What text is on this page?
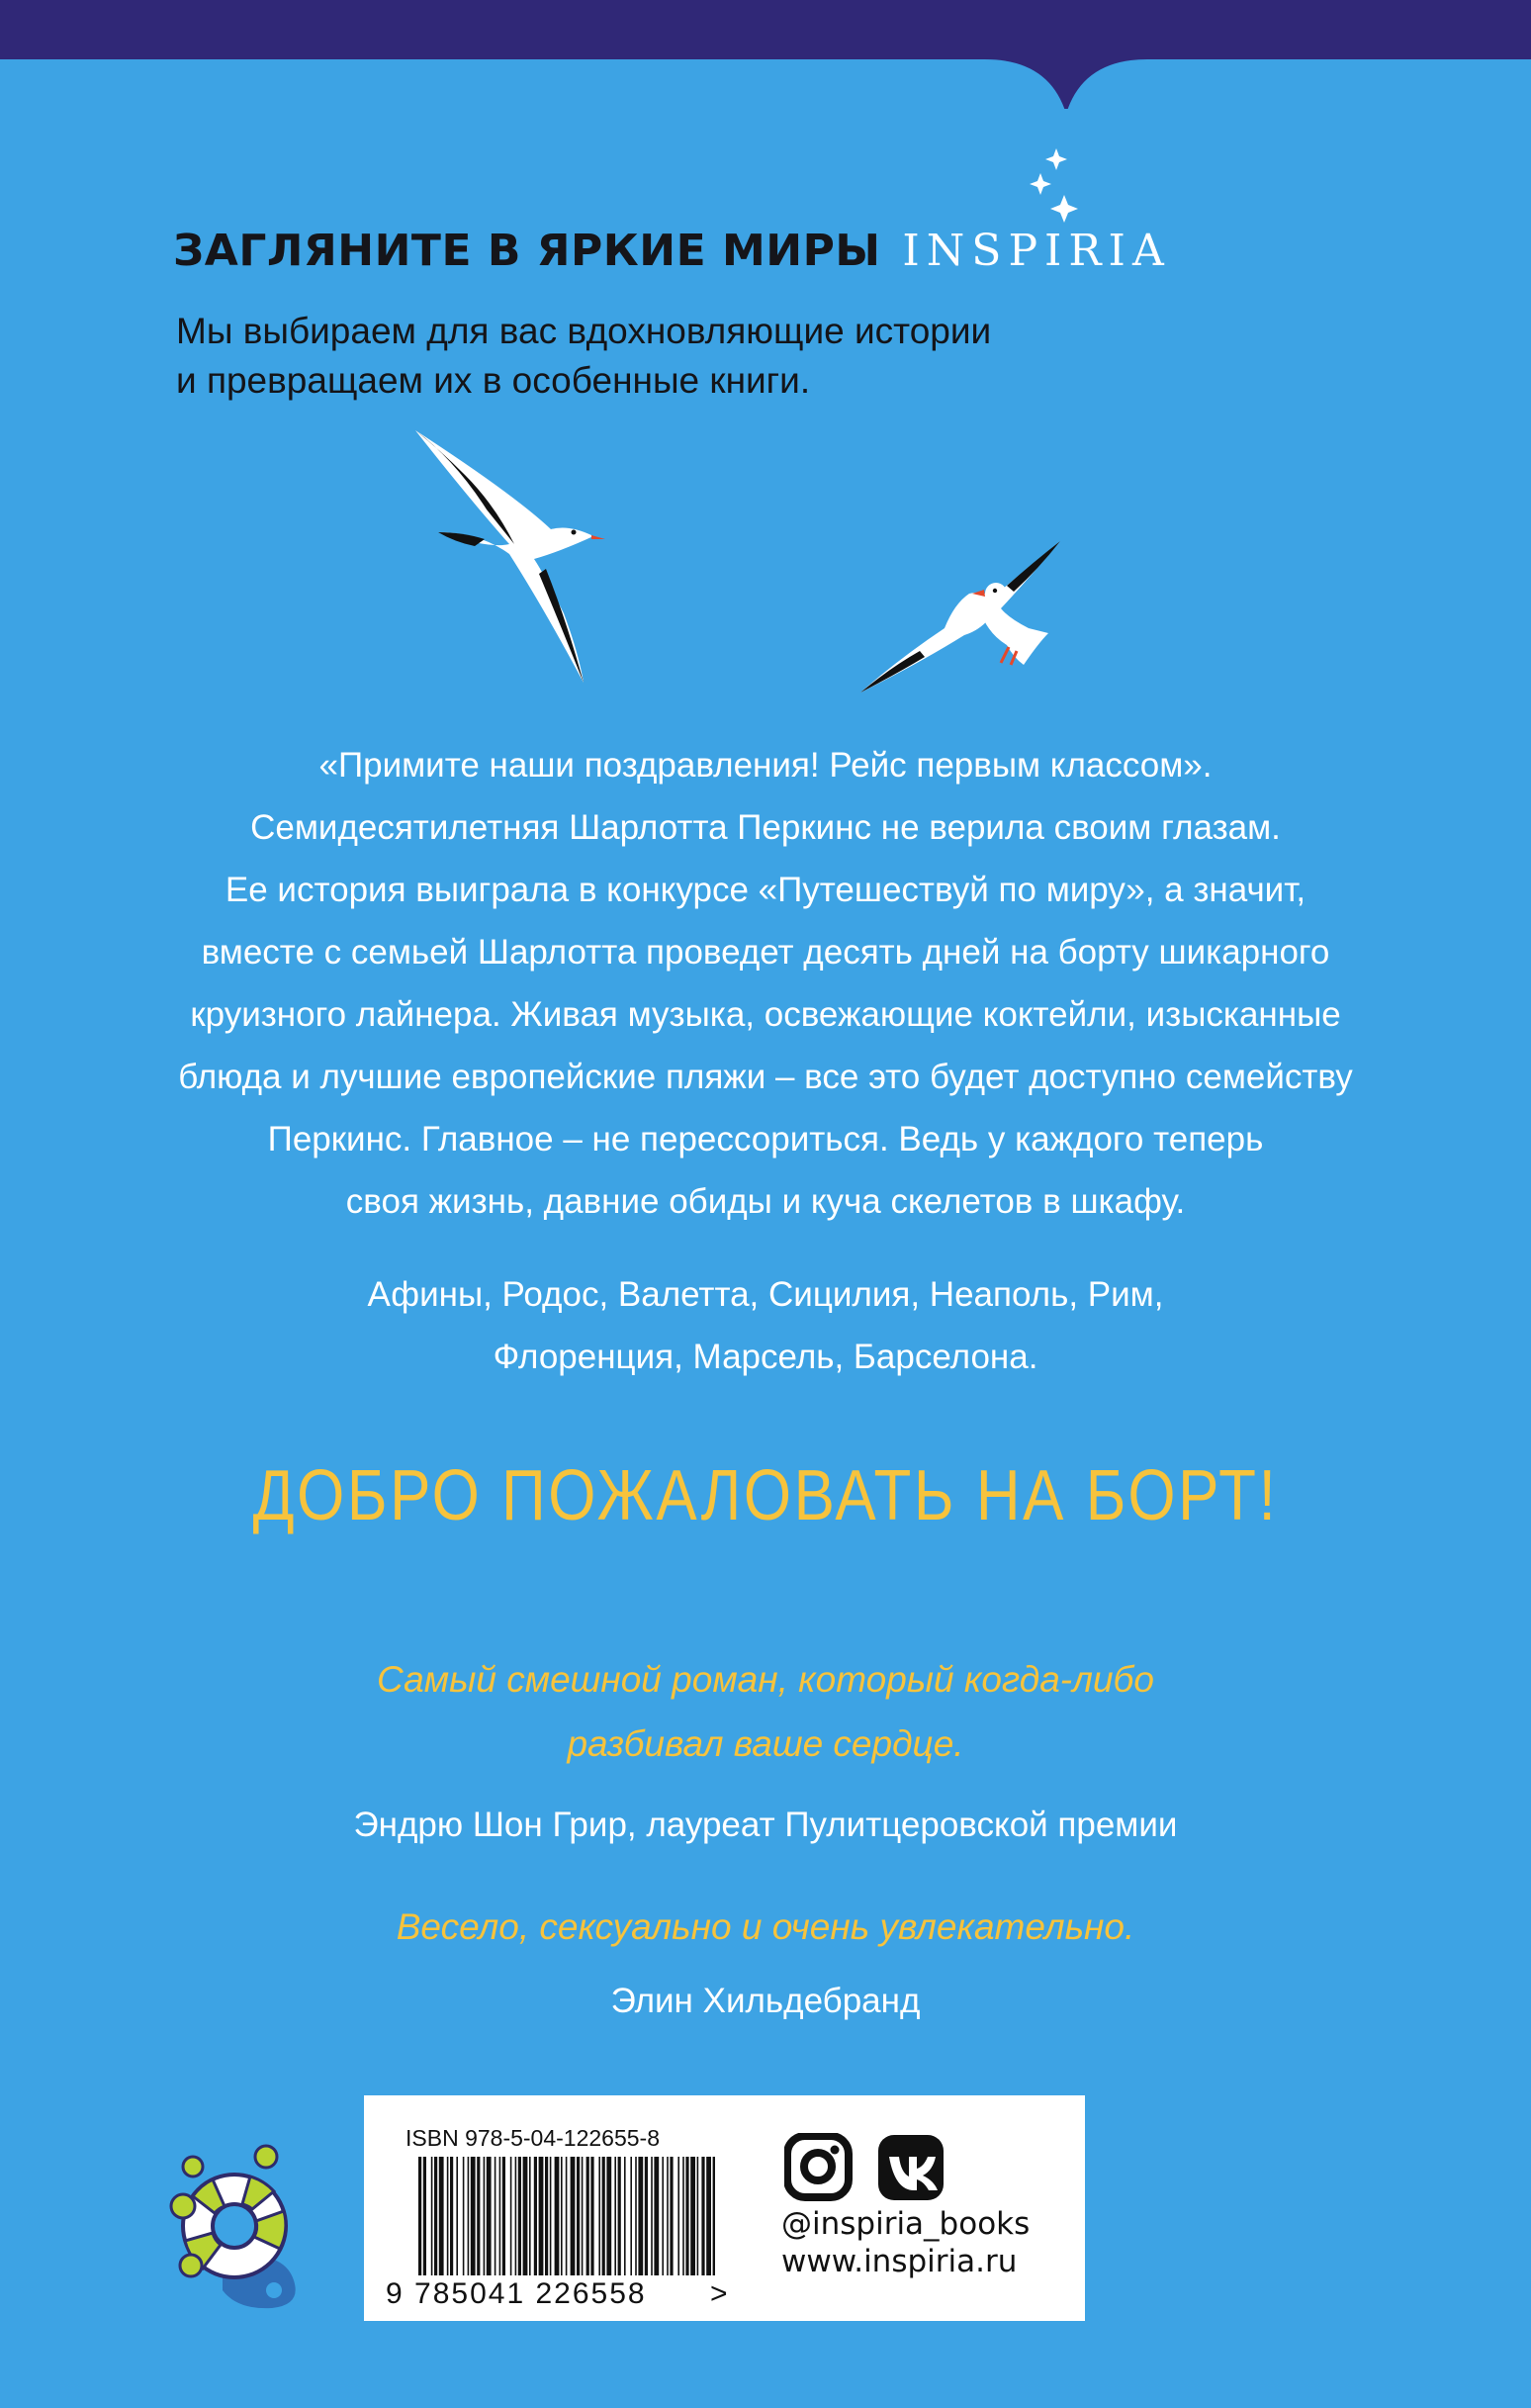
ЗАГЛЯНИТЕ В ЯРКИЕ МИРЫ INSPIRIA
Мы выбираем для вас вдохновляющие истории
и превращаем их в особенные книги.
«Примите наши поздравления! Рейс первым классом».
Семидесятилетняя Шарлотта Перкинс не верила своим глазам.
Ее история выиграла в конкурсе «Путешествуй по миру», а значит,
вместе с семьей Шарлотта проведет десять дней на борту шикарного
круизного лайнера. Живая музыка, освежающие коктейли, изысканные
блюда и лучшие европейские пляжи – все это будет доступно семейству
Перкинс. Главное – не перессориться. Ведь у каждого теперь
своя жизнь, давние обиды и куча скелетов в шкафу.
Афины, Родос, Валетта, Сицилия, Неаполь, Рим,
Флоренция, Марсель, Барселона.
ДОБРО ПОЖАЛОВАТЬ НА БОРТ!
Самый смешной роман, который когда-либо
разбивал ваше сердце.
Эндрю Шон Грир, лауреат Пулитцеровской премии
Весело, сексуально и очень увлекательно.
Элин Хильдебранд
ISBN 978-5-04-122655-8
9 785041 226558 >
@inspiria_books
www.inspiria.ru
